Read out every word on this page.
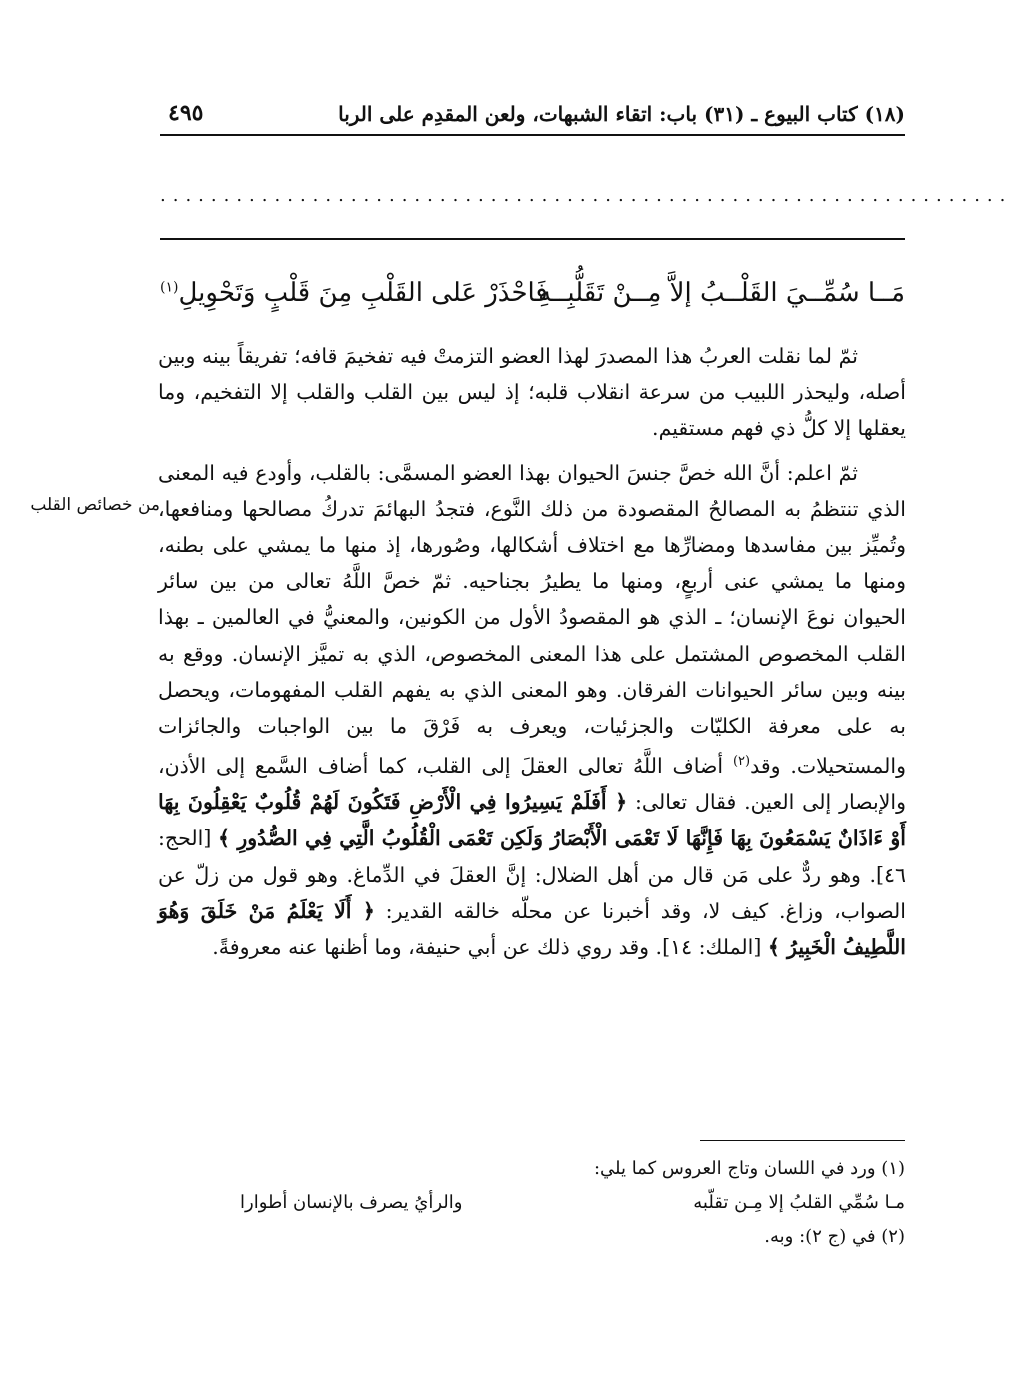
(١٨) كتاب البيوع ـ (٣١) باب: اتقاء الشبهات، ولعن المقدِم على الربا
٤٩٥
...................................................................
مَــا سُمِّــيَ القَلْــبُ إلاَّ مِــنْ تَقَلُّبِــهِ
فَاحْذَرْ عَلى القَلْبِ مِنَ قَلْبٍ وَتَحْوِيلِ$^{(١)}$

ثمّ لما نقلت العربُ هذا المصدرَ لهذا العضو التزمتْ فيه تفخيمَ قافه؛ تفريقاً بينه وبين أصله، وليحذر اللبيب من سرعة انقلاب قلبه؛ إذ ليس بين القلب والقلب إلا التفخيم، وما يعقلها إلا كلُّ ذي فهم مستقيم.

ثمّ اعلم: أنَّ الله خصَّ جنسَ الحيوان بهذا العضو المسمَّى: بالقلب، وأودع فيه المعنى الذي تنتظمُ به المصالحُ المقصودة من ذلك النَّوع، فتجدُ البهائمَ تدركُ مصالحها ومنافعها، وتُميِّز بين مفاسدها ومضارِّها مع اختلاف أشكالها، وصُورها، إذ منها ما يمشي على بطنه، ومنها ما يمشي عنى أربعٍ، ومنها ما يطيرُ بجناحيه. ثمّ خصَّ اللَّهُ تعالى من بين سائر الحيوان نوعَ الإنسان؛ ـ الذي هو المقصودُ الأول من الكونين، والمعنيُّ في العالمين ـ بهذا القلب المخصوص المشتمل على هذا المعنى المخصوص، الذي به تميَّز الإنسان. ووقع به بينه وبين سائر الحيوانات الفرقان. وهو المعنى الذي به يفهم القلب المفهومات، ويحصل به على معرفة الكليّات والجزئيات، ويعرف به فَرْقَ ما بين الواجبات والجائزات والمستحيلات. وقد$^{(٢)}$ أضاف اللَّهُ تعالى العقلَ إلى القلب، كما أضاف السَّمع إلى الأذن، والإبصار إلى العين. فقال تعالى: ﴿ أَفَلَمْ يَسِيرُوا فِي الْأَرْضِ فَتَكُونَ لَهُمْ قُلُوبٌ يَعْقِلُونَ بِهَا أَوْ ءَاذَانٌ يَسْمَعُونَ بِهَا فَإِنَّهَا لَا تَعْمَى الْأَبْصَارُ وَلَكِن تَعْمَى الْقُلُوبُ الَّتِي فِي الصُّدُورِ ﴾ [الحج: ٤٦]. وهو ردٌّ على مَن قال من أهل الضلال: إنَّ العقلَ في الدِّماغ. وهو قول من زلّ عن الصواب، وزاغ. كيف لا، وقد أخبرنا عن محلّه خالقه القدير: ﴿ أَلَا يَعْلَمُ مَنْ خَلَقَ وَهُوَ اللَّطِيفُ الْخَبِيرُ ﴾ [الملك: ١٤]. وقد روي ذلك عن أبي حنيفة، وما أظنها عنه معروفةً.

من خصائص القلب
(١) ورد في اللسان وتاج العروس كما يلي:
مـا سُمِّي القلبُ إلا مِـن تقلّبه
والرأيُ يصرف بالإنسان أطوارا
(٢) في (ج ٢): وبه.
